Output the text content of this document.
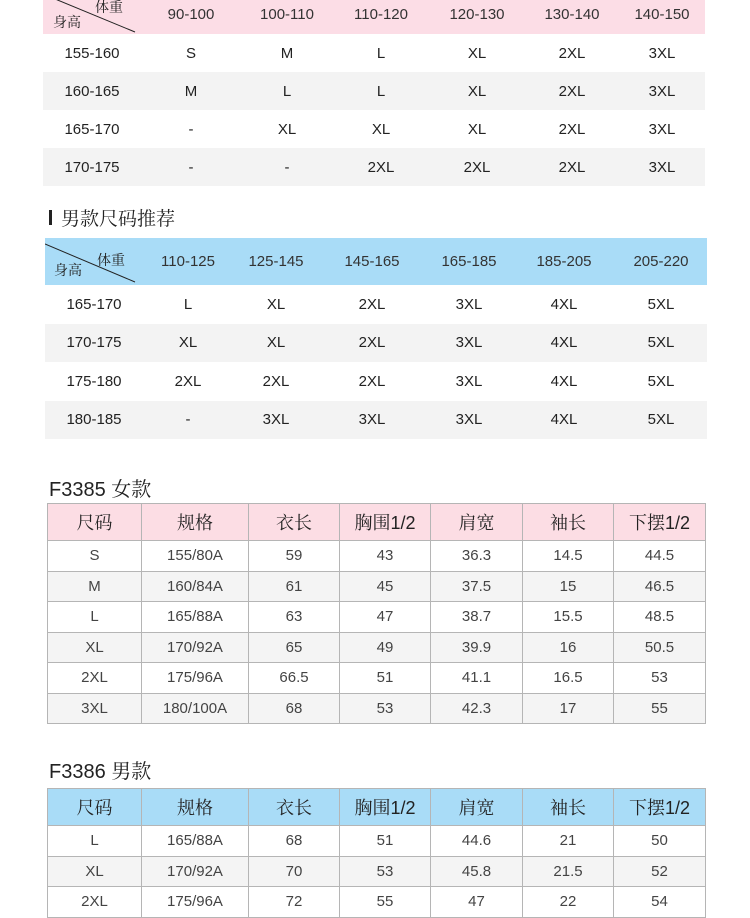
体重
身高	90-100	100-110	110-120	120-130	130-140	140-150
155-160	S	M	L	XL	2XL	3XL
160-165	M	L	L	XL	2XL	3XL
165-170	-	XL	XL	XL	2XL	3XL
170-175	-	-	2XL	2XL	2XL	3XL
男款尺码推荐
体重
身高	110-125	125-145	145-165	165-185	185-205	205-220
165-170	L	XL	2XL	3XL	4XL	5XL
170-175	XL	XL	2XL	3XL	4XL	5XL
175-180	2XL	2XL	2XL	3XL	4XL	5XL
180-185	-	3XL	3XL	3XL	4XL	5XL
F3385 女款
尺码	规格	衣长	胸围1/2	肩宽	袖长	下摆1/2
S	155/80A	59	43	36.3	14.5	44.5
M	160/84A	61	45	37.5	15	46.5
L	165/88A	63	47	38.7	15.5	48.5
XL	170/92A	65	49	39.9	16	50.5
2XL	175/96A	66.5	51	41.1	16.5	53
3XL	180/100A	68	53	42.3	17	55
F3386 男款
尺码	规格	衣长	胸围1/2	肩宽	袖长	下摆1/2
L	165/88A	68	51	44.6	21	50
XL	170/92A	70	53	45.8	21.5	52
2XL	175/96A	72	55	47	22	54
